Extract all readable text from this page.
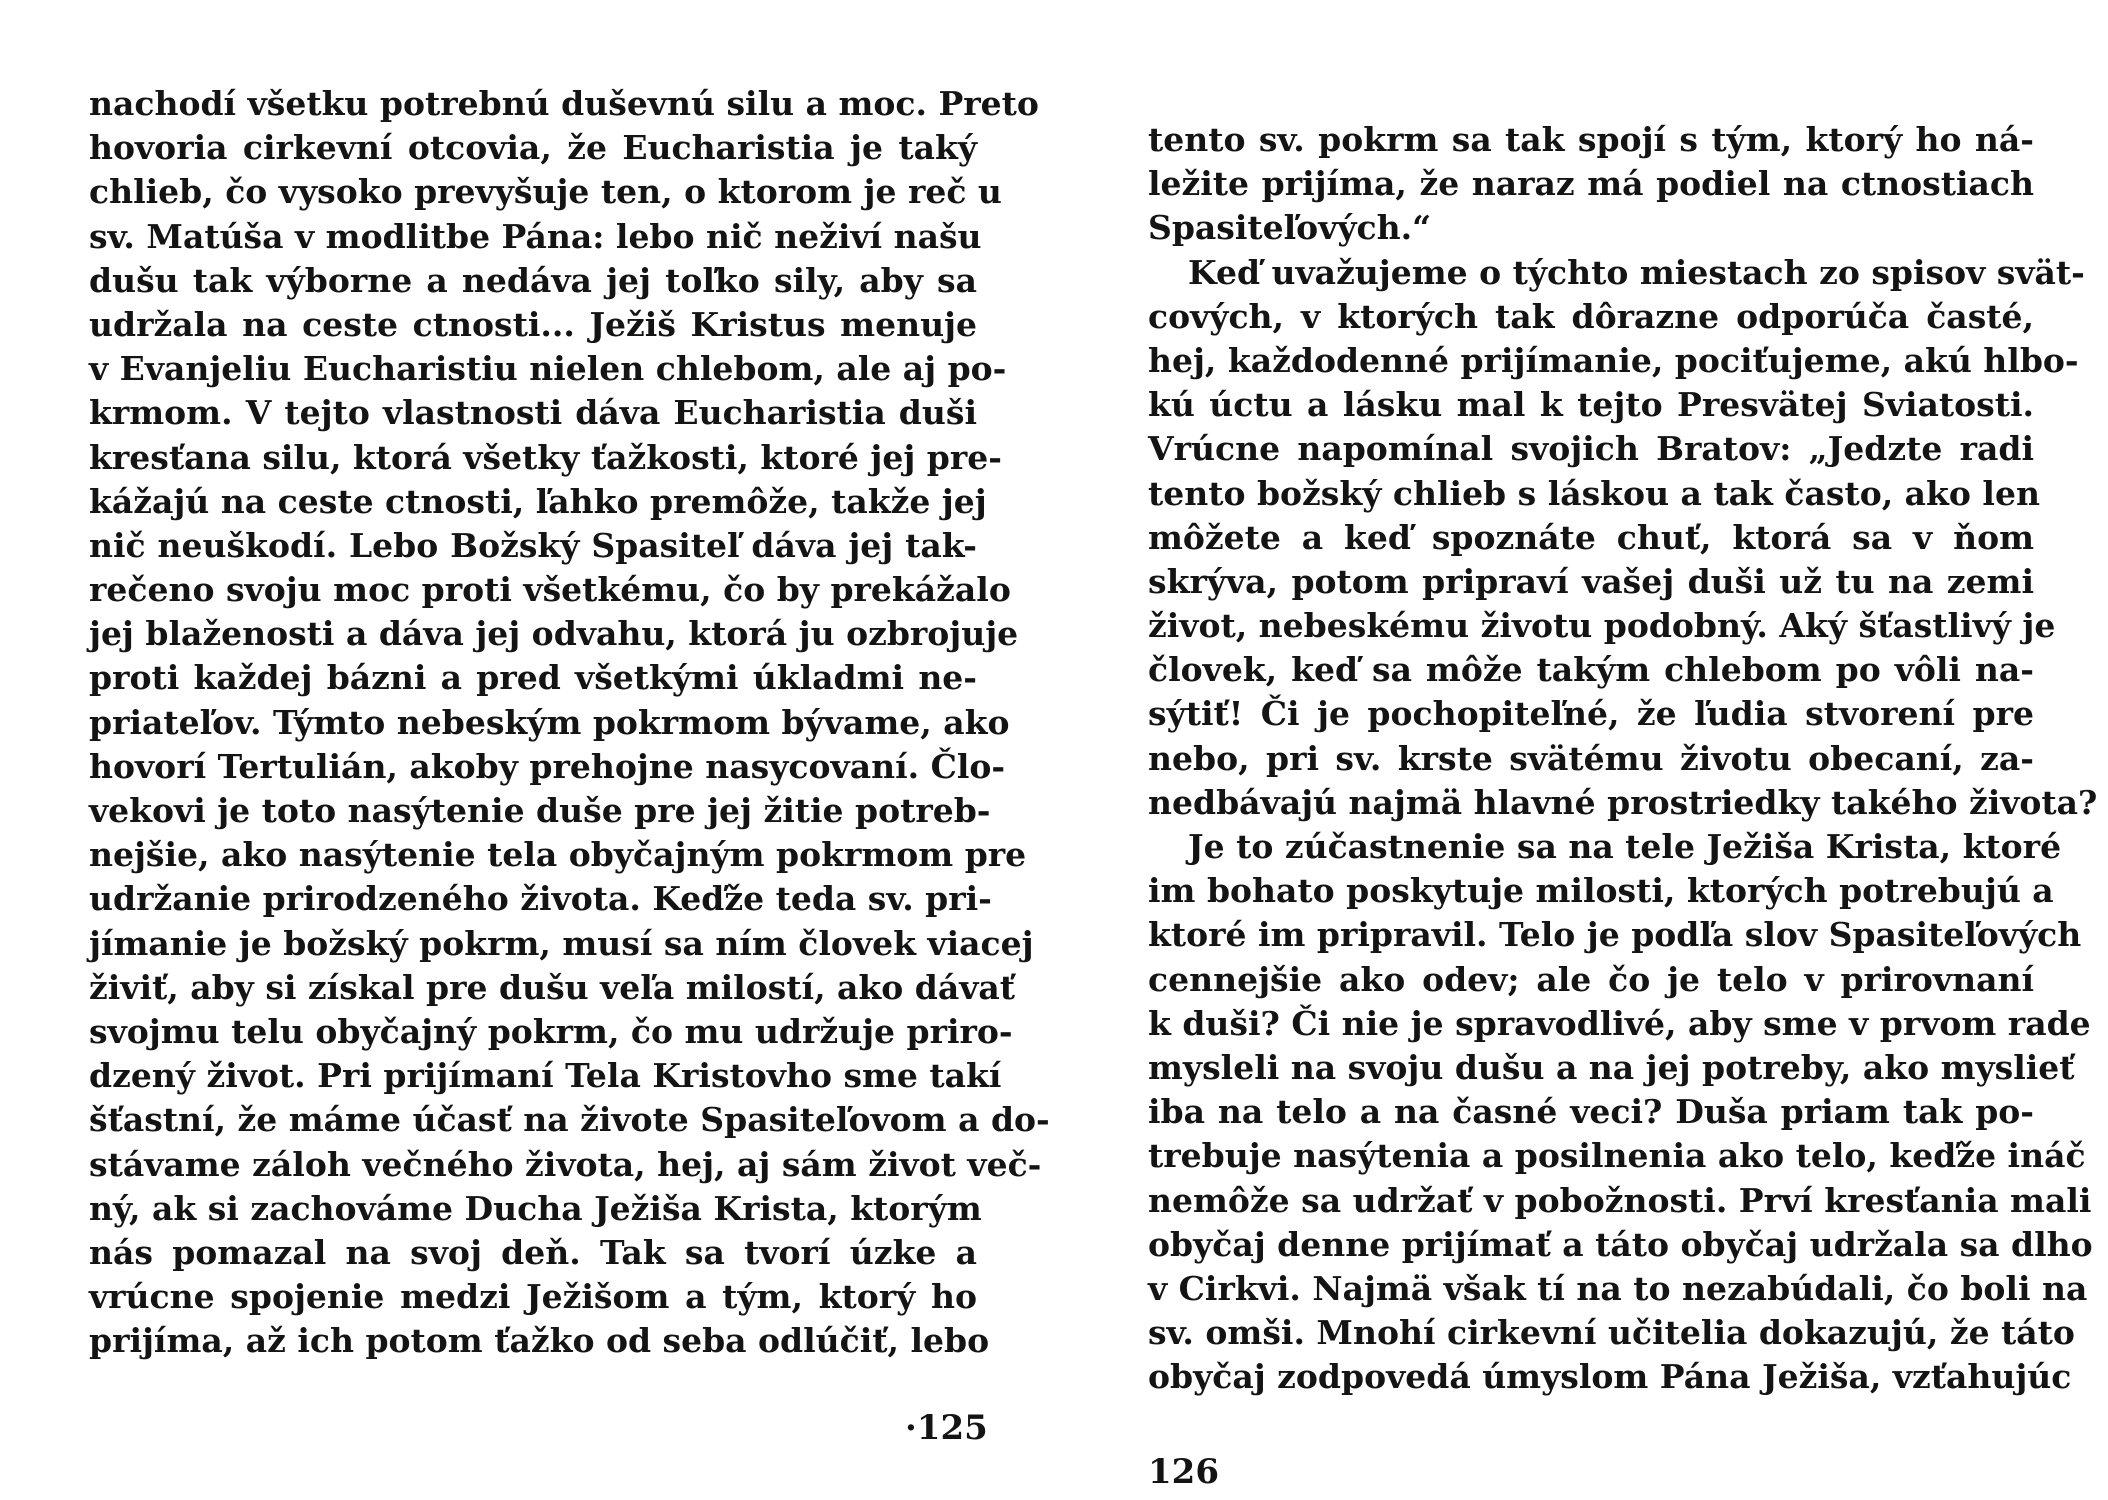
nachodí všetku potrebnú duševnú silu a moc. Preto
hovoria cirkevní otcovia, že Eucharistia je taký
chlieb, čo vysoko prevyšuje ten, o ktorom je reč u
sv. Matúša v modlitbe Pána: lebo nič neživí našu
dušu tak výborne a nedáva jej toľko sily, aby sa
udržala na ceste ctnosti... Ježiš Kristus menuje
v Evanjeliu Eucharistiu nielen chlebom, ale aj po-
krmom. V tejto vlastnosti dáva Eucharistia duši
kresťana silu, ktorá všetky ťažkosti, ktoré jej pre-
kážajú na ceste ctnosti, ľahko premôže, takže jej
nič neuškodí. Lebo Božský Spasiteľ dáva jej tak-
rečeno svoju moc proti všetkému, čo by prekážalo
jej blaženosti a dáva jej odvahu, ktorá ju ozbrojuje
proti každej bázni a pred všetkými úkladmi ne-
priateľov. Týmto nebeským pokrmom bývame, ako
hovorí Tertulián, akoby prehojne nasycovaní. Člo-
vekovi je toto nasýtenie duše pre jej žitie potreb-
nejšie, ako nasýtenie tela obyčajným pokrmom pre
udržanie prirodzeného života. Keďže teda sv. pri-
jímanie je božský pokrm, musí sa ním človek viacej
živiť, aby si získal pre dušu veľa milostí, ako dávať
svojmu telu obyčajný pokrm, čo mu udržuje priro-
dzený život. Pri prijímaní Tela Kristovho sme takí
šťastní, že máme účasť na živote Spasiteľovom a do-
stávame záloh večného života, hej, aj sám život več-
ný, ak si zachováme Ducha Ježiša Krista, ktorým
nás pomazal na svoj deň. Tak sa tvorí úzke a
vrúcne spojenie medzi Ježišom a tým, ktorý ho
prijíma, až ich potom ťažko od seba odlúčiť, lebo
·125
tento sv. pokrm sa tak spojí s tým, ktorý ho ná-
ležite prijíma, že naraz má podiel na ctnostiach
Spasiteľových.“
Keď uvažujeme o týchto miestach zo spisov svät-
cových, v ktorých tak dôrazne odporúča časté,
hej, každodenné prijímanie, pociťujeme, akú hlbo-
kú úctu a lásku mal k tejto Presvätej Sviatosti.
Vrúcne napomínal svojich Bratov: „Jedzte radi
tento božský chlieb s láskou a tak často, ako len
môžete a keď spoznáte chuť, ktorá sa v ňom
skrýva, potom pripraví vašej duši už tu na zemi
život, nebeskému životu podobný. Aký šťastlivý je
človek, keď sa môže takým chlebom po vôli na-
sýtiť! Či je pochopiteľné, že ľudia stvorení pre
nebo, pri sv. krste svätému životu obecaní, za-
nedbávajú najmä hlavné prostriedky takého života?
Je to zúčastnenie sa na tele Ježiša Krista, ktoré
im bohato poskytuje milosti, ktorých potrebujú a
ktoré im pripravil. Telo je podľa slov Spasiteľových
cennejšie ako odev; ale čo je telo v prirovnaní
k duši? Či nie je spravodlivé, aby sme v prvom rade
mysleli na svoju dušu a na jej potreby, ako myslieť
iba na telo a na časné veci? Duša priam tak po-
trebuje nasýtenia a posilnenia ako telo, keďže ináč
nemôže sa udržať v pobožnosti. Prví kresťania mali
obyčaj denne prijímať a táto obyčaj udržala sa dlho
v Cirkvi. Najmä však tí na to nezabúdali, čo boli na
sv. omši. Mnohí cirkevní učitelia dokazujú, že táto
obyčaj zodpovedá úmyslom Pána Ježiša, vzťahujúc
126
